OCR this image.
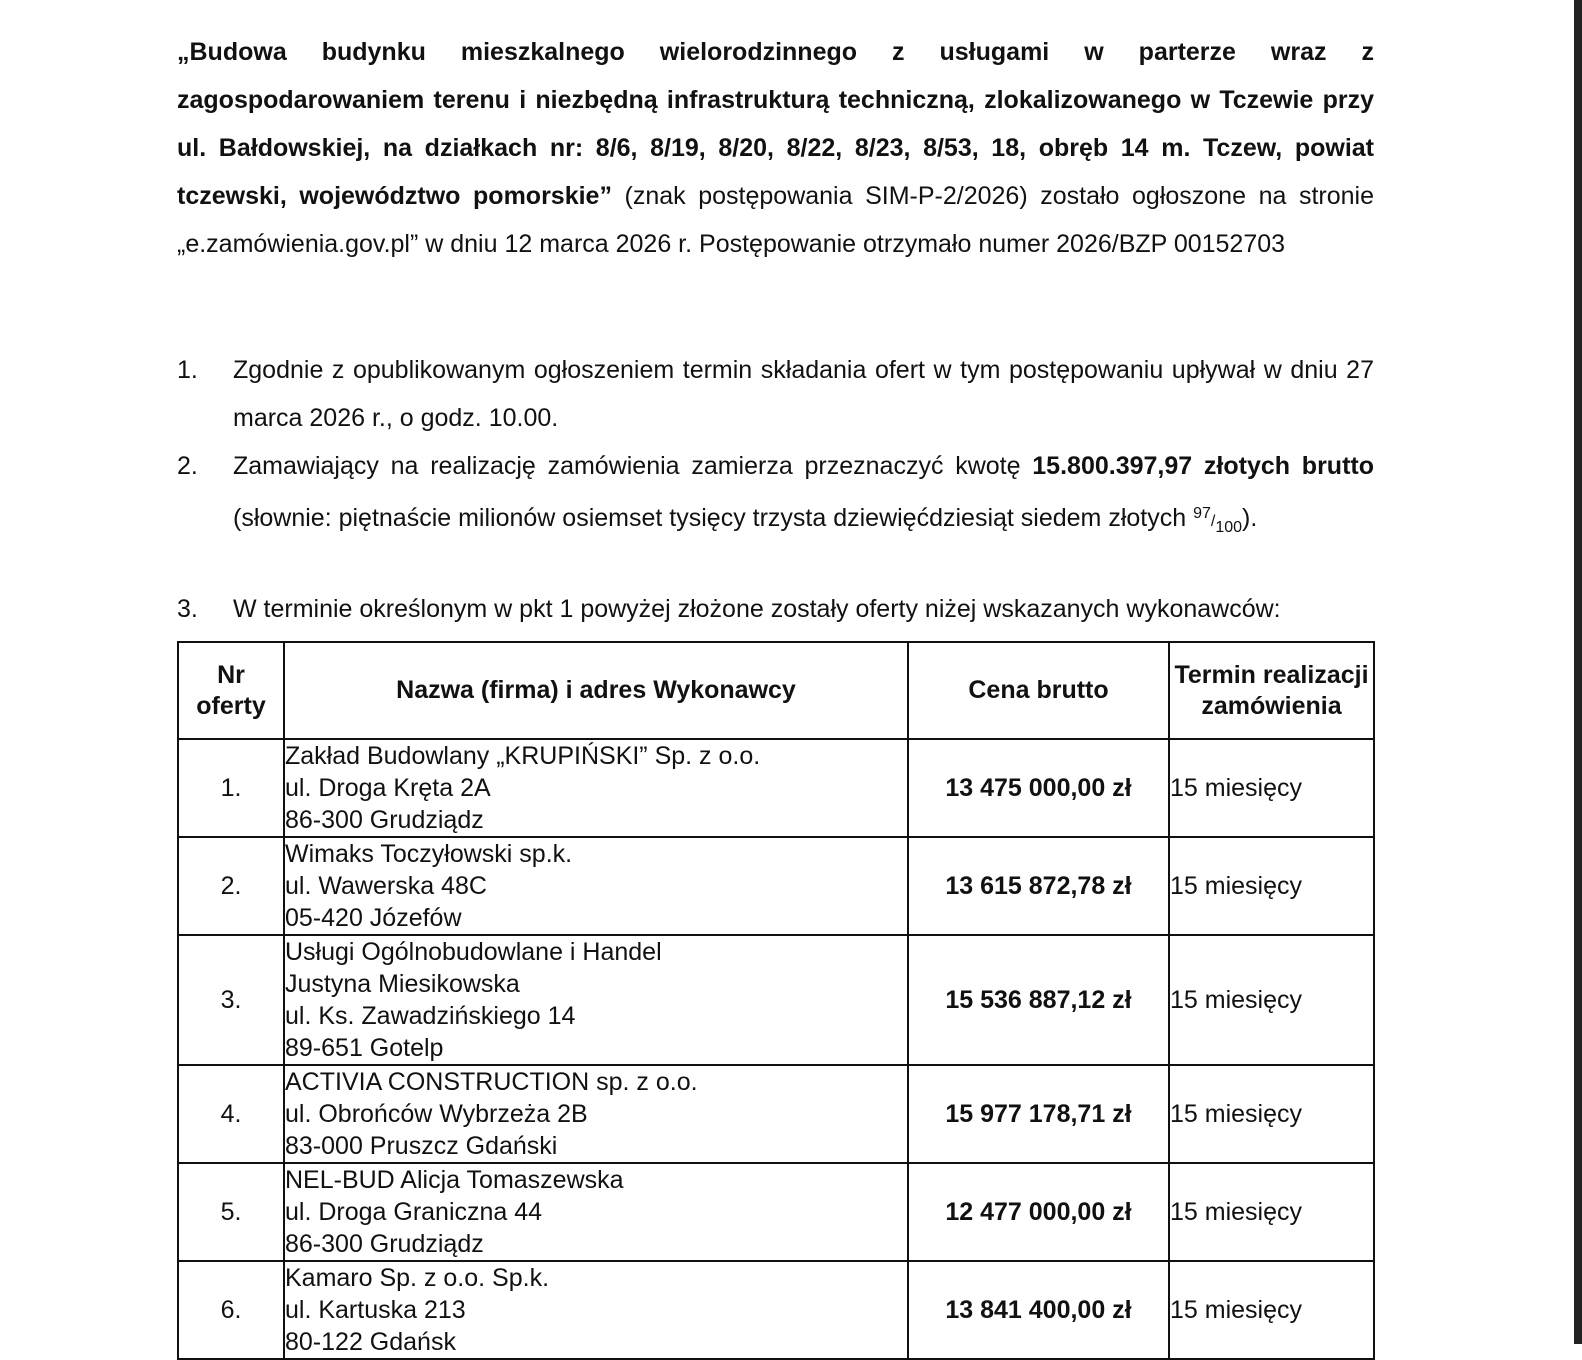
„Budowa budynku mieszkalnego wielorodzinnego z usługami w parterze wraz z zagospodarowaniem terenu i niezbędną infrastrukturą techniczną, zlokalizowanego w Tczewie przy ul. Bałdowskiej, na działkach nr: 8/6, 8/19, 8/20, 8/22, 8/23, 8/53, 18, obręb 14 m. Tczew, powiat tczewski, województwo pomorskie” (znak postępowania SIM-P-2/2026) zostało ogłoszone na stronie „e.zamówienia.gov.pl” w dniu 12 marca 2026 r. Postępowanie otrzymało numer 2026/BZP 00152703

1.	Zgodnie z opublikowanym ogłoszeniem termin składania ofert w tym postępowaniu upływał w dniu 27 marca 2026 r., o godz. 10.00.
2.	Zamawiający na realizację zamówienia zamierza przeznaczyć kwotę 15.800.397,97 złotych brutto (słownie: piętnaście milionów osiemset tysięcy trzysta dziewięćdziesiąt siedem złotych $^{97}/_{100}$).
3.	W terminie określonym w pkt 1 powyżej złożone zostały oferty niżej wskazanych wykonawców:
Nr oferty	Nazwa (firma) i adres Wykonawcy	Cena brutto	Termin realizacji zamówienia
1.	Zakład Budowlany „KRUPIŃSKI” Sp. z o.o.
ul. Droga Kręta 2A
86-300 Grudziądz	13 475 000,00 zł	15 miesięcy
2.	Wimaks Toczyłowski sp.k.
ul. Wawerska 48C
05-420 Józefów	13 615 872,78 zł	15 miesięcy
3.	Usługi Ogólnobudowlane i Handel
Justyna Miesikowska
ul. Ks. Zawadzińskiego 14
89-651 Gotelp	15 536 887,12 zł	15 miesięcy
4.	ACTIVIA CONSTRUCTION sp. z o.o.
ul. Obrońców Wybrzeża 2B
83-000 Pruszcz Gdański	15 977 178,71 zł	15 miesięcy
5.	NEL-BUD Alicja Tomaszewska
ul. Droga Graniczna 44
86-300 Grudziądz	12 477 000,00 zł	15 miesięcy
6.	Kamaro Sp. z o.o. Sp.k.
ul. Kartuska 213
80-122 Gdańsk	13 841 400,00 zł	15 miesięcy
